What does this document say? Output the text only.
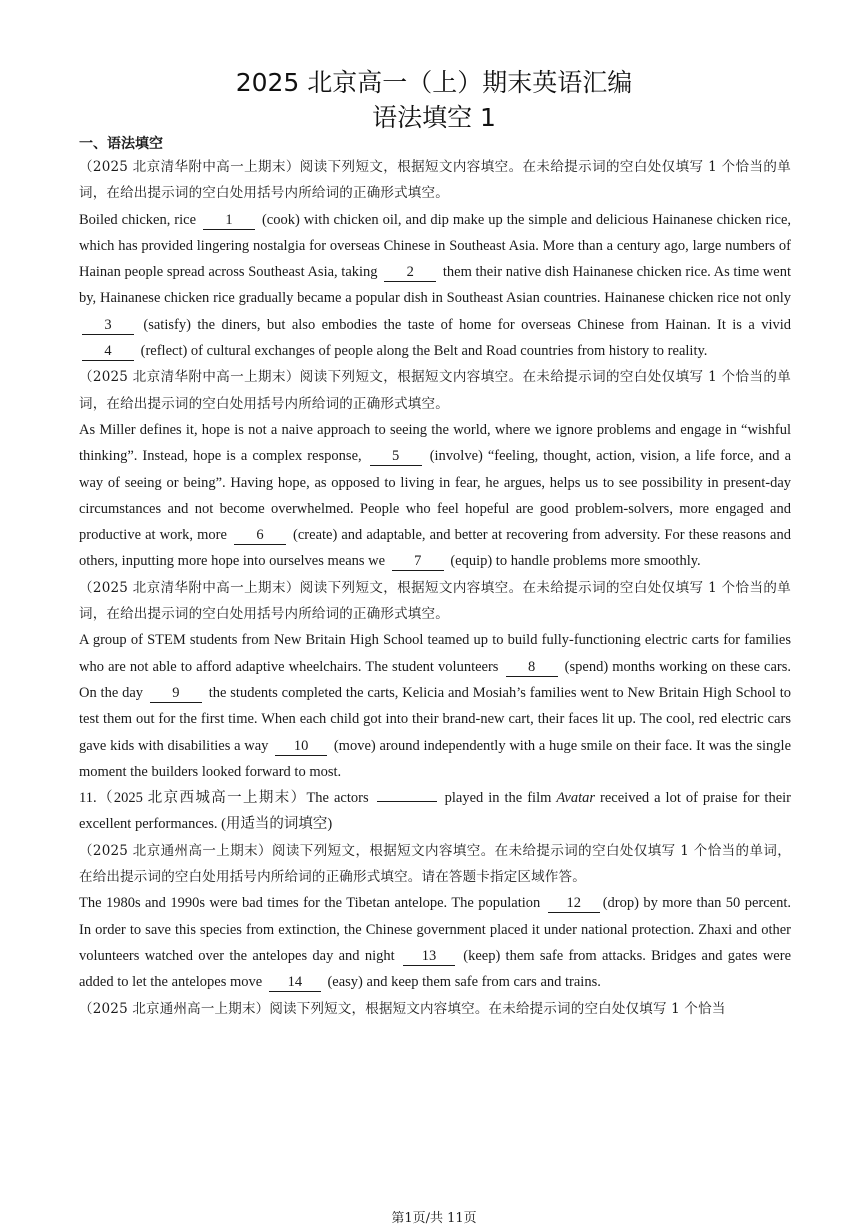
2025 北京高一（上）期末英语汇编
语法填空 1
一、语法填空

（2025 北京清华附中高一上期末）阅读下列短文，根据短文内容填空。在未给提示词的空白处仅填写 1 个恰当的单词，在给出提示词的空白处用括号内所给词的正确形式填空。

Boiled chicken, rice 1 (cook) with chicken oil, and dip make up the simple and delicious Hainanese chicken rice, which has provided lingering nostalgia for overseas Chinese in Southeast Asia. More than a century ago, large numbers of Hainan people spread across Southeast Asia, taking 2 them their native dish Hainanese chicken rice. As time went by, Hainanese chicken rice gradually became a popular dish in Southeast Asian countries. Hainanese chicken rice not only 3 (satisfy) the diners, but also embodies the taste of home for overseas Chinese from Hainan. It is a vivid 4 (reflect) of cultural exchanges of people along the Belt and Road countries from history to reality.

（2025 北京清华附中高一上期末）阅读下列短文，根据短文内容填空。在未给提示词的空白处仅填写 1 个恰当的单词，在给出提示词的空白处用括号内所给词的正确形式填空。

As Miller defines it, hope is not a naive approach to seeing the world, where we ignore problems and engage in “wishful thinking”. Instead, hope is a complex response, 5 (involve) “feeling, thought, action, vision, a life force, and a way of seeing or being”. Having hope, as opposed to living in fear, he argues, helps us to see possibility in present-day circumstances and not become overwhelmed. People who feel hopeful are good problem-solvers, more engaged and productive at work, more 6 (create) and adaptable, and better at recovering from adversity. For these reasons and others, inputting more hope into ourselves means we 7 (equip) to handle problems more smoothly.

（2025 北京清华附中高一上期末）阅读下列短文，根据短文内容填空。在未给提示词的空白处仅填写 1 个恰当的单词，在给出提示词的空白处用括号内所给词的正确形式填空。

A group of STEM students from New Britain High School teamed up to build fully-functioning electric carts for families who are not able to afford adaptive wheelchairs. The student volunteers 8 (spend) months working on these cars. On the day 9 the students completed the carts, Kelicia and Mosiah’s families went to New Britain High School to test them out for the first time. When each child got into their brand-new cart, their faces lit up. The cool, red electric cars gave kids with disabilities a way 10 (move) around independently with a huge smile on their face. It was the single moment the builders looked forward to most.

11.（2025 北京西城高一上期末）The actors	played in the film Avatar received a lot of praise for their excellent performances. (用适当的词填空)

（2025 北京通州高一上期末）阅读下列短文，根据短文内容填空。在未给提示词的空白处仅填写 1 个恰当的单词，在给出提示词的空白处用括号内所给词的正确形式填空。请在答题卡指定区域作答。

The 1980s and 1990s were bad times for the Tibetan antelope. The population 12 (drop) by more than 50 percent. In order to save this species from extinction, the Chinese government placed it under national protection. Zhaxi and other volunteers watched over the antelopes day and night 13 (keep) them safe from attacks. Bridges and gates were added to let the antelopes move 14 (easy) and keep them safe from cars and trains.

（2025 北京通州高一上期末）阅读下列短文，根据短文内容填空。在未给提示词的空白处仅填写 1 个恰当

第1页/共 11页
